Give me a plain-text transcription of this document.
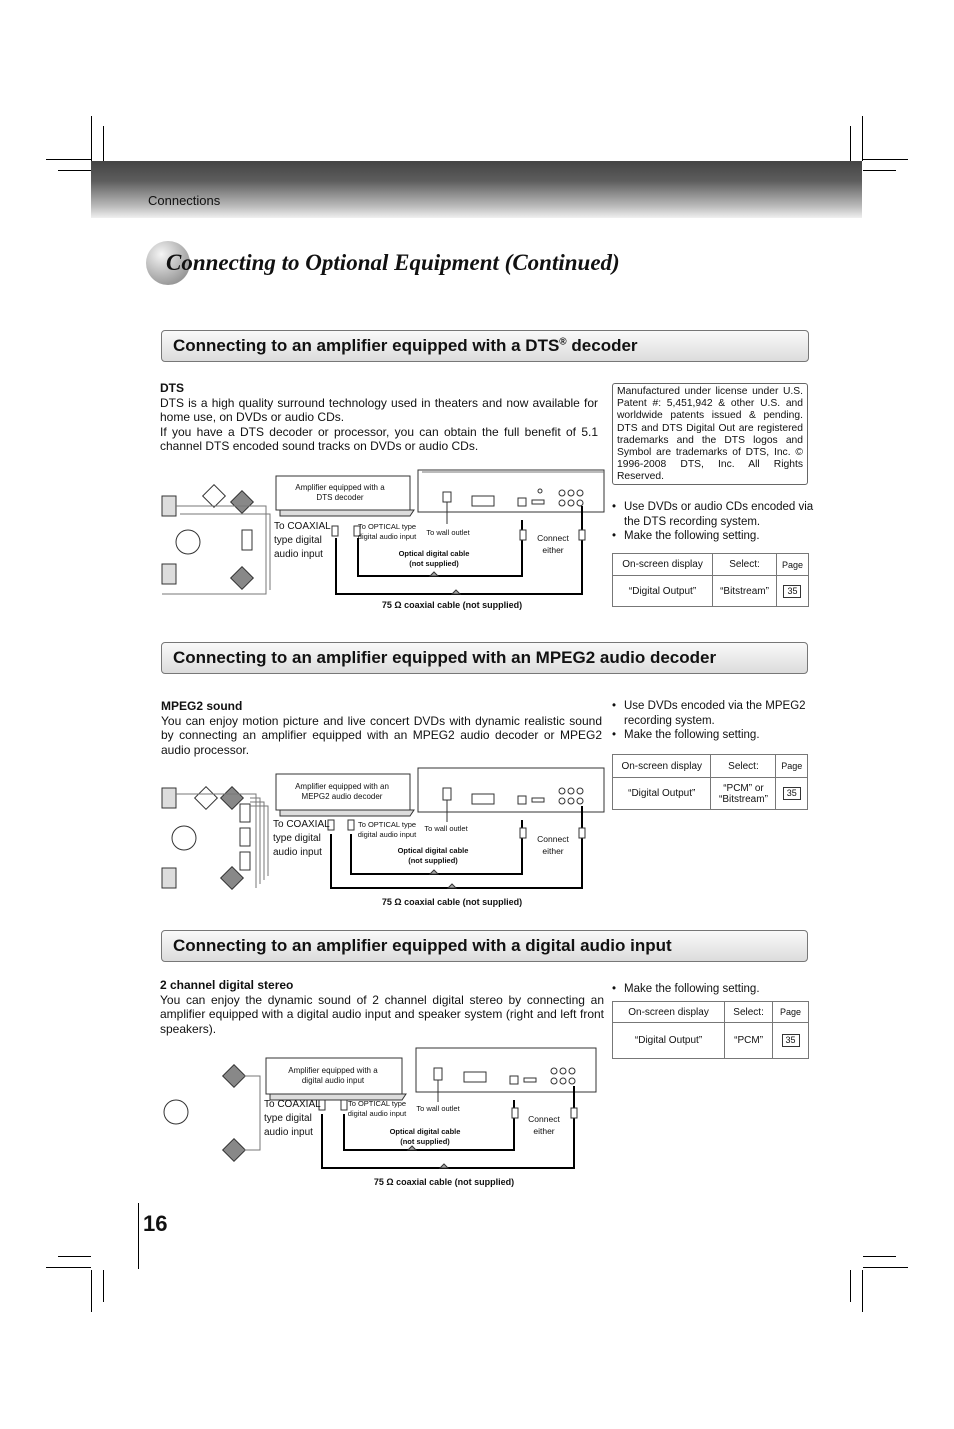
Connections
Connecting to Optional Equipment (Continued)
Connecting to an amplifier equipped with a DTS® decoder
DTS
DTS is a high quality surround technology used in theaters and now available for home use, on DVDs or audio CDs.
If you have a DTS decoder or processor, you can obtain the full benefit of 5.1 channel DTS encoded sound tracks on DVDs or audio CDs.
Manufactured under license under U.S. Patent #: 5,451,942 & other U.S. and worldwide patents issued & pending. DTS and DTS Digital Out are registered trademarks and the DTS logos and Symbol are trademarks of DTS, Inc. © 1996-2008 DTS, Inc. All Rights Reserved.
• Use DVDs or audio CDs encoded via the DTS recording system.
• Make the following setting.
On-screen display	Select:	Page
“Digital Output”	“Bitstream”	35
Amplifier equipped with a DTS decoder
To COAXIAL type digital audio input
To OPTICAL type digital audio input	To wall outlet
Connect either
Optical digital cable (not supplied)
75 Ω coaxial cable (not supplied)
Connecting to an amplifier equipped with an MPEG2 audio decoder
MPEG2 sound
You can enjoy motion picture and live concert DVDs with dynamic realistic sound by connecting an amplifier equipped with an MPEG2 audio decoder or MPEG2 audio processor.
• Use DVDs encoded via the MPEG2 recording system.
• Make the following setting.
On-screen display	Select:	Page
“Digital Output”	“PCM” or “Bitstream”	35
Amplifier equipped with an MEPG2 audio decoder
To COAXIAL type digital audio input
To OPTICAL type digital audio input
To wall outlet
Connect either
Optical digital cable (not supplied)
75 Ω coaxial cable (not supplied)
Connecting to an amplifier equipped with a digital audio input
2 channel digital stereo
You can enjoy the dynamic sound of 2 channel digital stereo by connecting an amplifier equipped with a digital audio input and speaker system (right and left front speakers).
• Make the following setting.
On-screen display	Select:	Page
“Digital Output”	“PCM”	35
Amplifier equipped with a digital audio input
To COAXIAL type digital audio input
To OPTICAL type digital audio input
To wall outlet
Connect either
Optical digital cable (not supplied)
75 Ω coaxial cable (not supplied)
16
